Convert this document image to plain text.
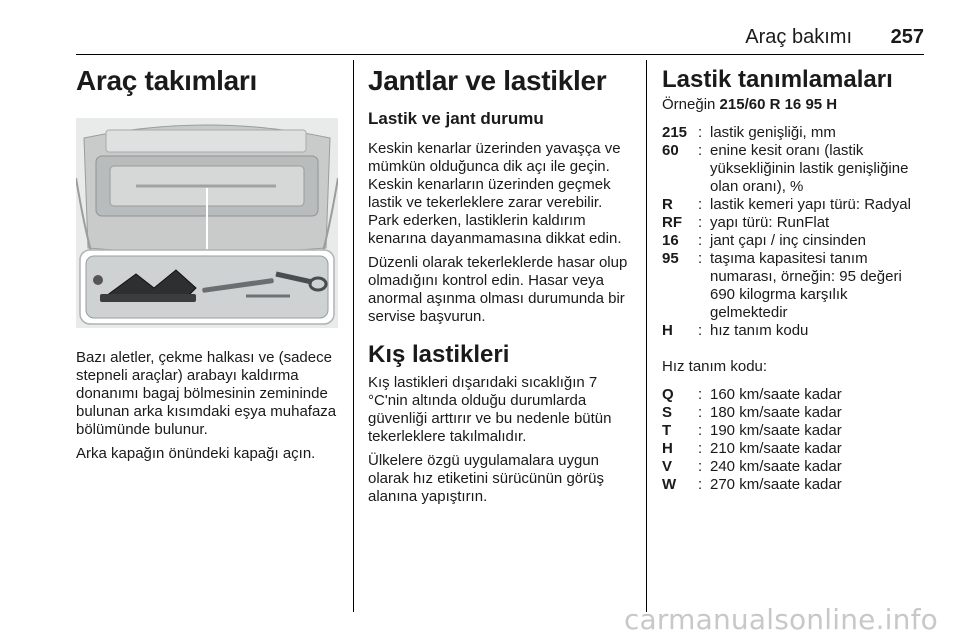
Araç bakımı 257
Araç takımları

Bazı aletler, çekme halkası ve (sadece stepneli araçlar) arabayı kaldırma donanımı bagaj bölmesinin zemininde bulunan arka kısımdaki eşya muhafaza bölümünde bulunur.

Arka kapağın önündeki kapağı açın.

Jantlar ve lastikler
Lastik ve jant durumu

Keskin kenarlar üzerinden yavaşça ve mümkün olduğunca dik açı ile geçin. Keskin kenarların üzerinden geçmek lastik ve tekerleklere zarar verebilir. Park ederken, lastiklerin kaldırım kenarına dayanmamasına dikkat edin.

Düzenli olarak tekerleklerde hasar olup olmadığını kontrol edin. Hasar veya anormal aşınma olması durumunda bir servise başvurun.

Kış lastikleri

Kış lastikleri dışarıdaki sıcaklığın 7 °C'nin altında olduğu durumlarda güvenliği arttırır ve bu nedenle bütün tekerleklere takılmalıdır.

Ülkelere özgü uygulamalara uygun olarak hız etiketini sürücünün görüş alanına yapıştırın.

Lastik tanımlamaları
Örneğin 215/60 R 16 95 H
215 : lastik genişliği, mm
60	: enine kesit oranı (lastik yüksekliğinin lastik genişliğine olan oranı), %
R	: lastik kemeri yapı türü: Radyal
RF	: yapı türü: RunFlat
16	: jant çapı / inç cinsinden
95	: taşıma kapasitesi tanım numarası, örneğin: 95 değeri 690 kilogrma karşılık gelmektedir
H	: hız tanım kodu

Hız tanım kodu:

Q	: 160 km/saate kadar
S	: 180 km/saate kadar
T	: 190 km/saate kadar
H	: 210 km/saate kadar
V	: 240 km/saate kadar
W	: 270 km/saate kadar
carmanualsonline.info
